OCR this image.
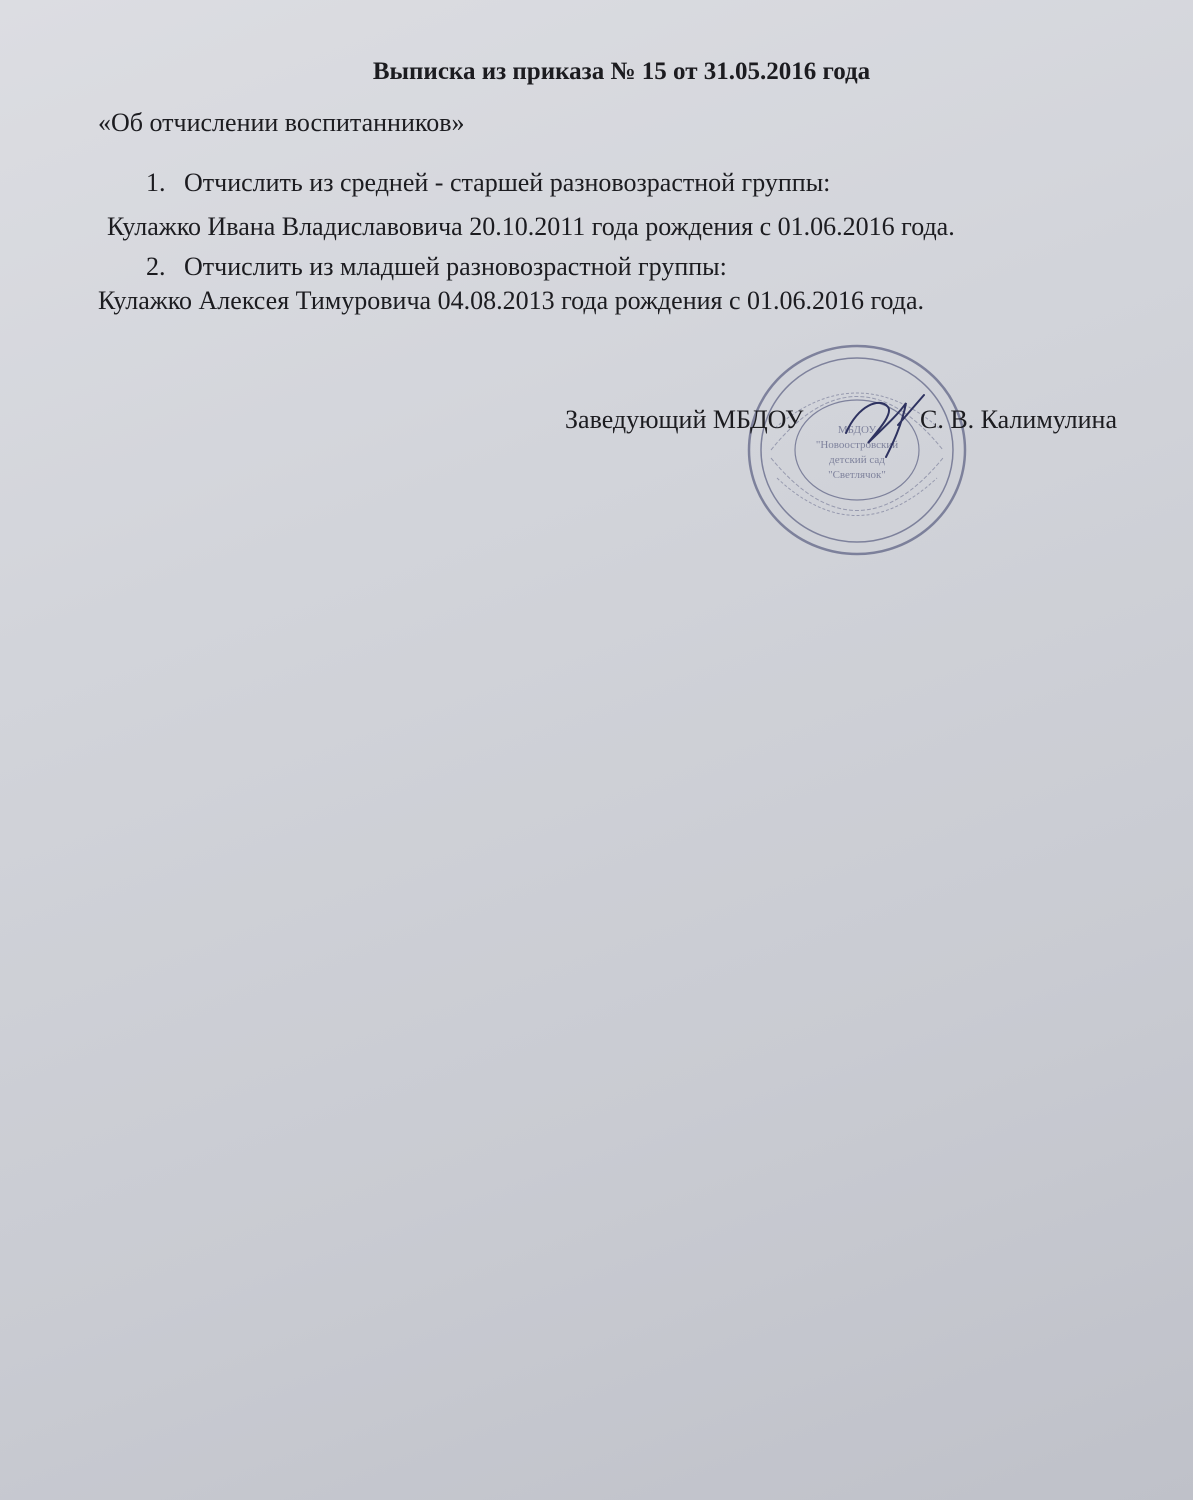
Выписка из приказа № 15 от 31.05.2016 года
«Об отчислении воспитанников»
1. Отчислить из средней - старшей разновозрастной группы:
Кулажко Ивана Владиславовича 20.10.2011 года рождения с 01.06.2016 года.
2. Отчислить из младшей разновозрастной группы:
Кулажко Алексея Тимуровича 04.08.2013 года рождения с 01.06.2016 года.
МБДОУ
"Новоостровский
детский сад
"Светлячок"
Заведующий МБДОУ	С. В. Калимулина
